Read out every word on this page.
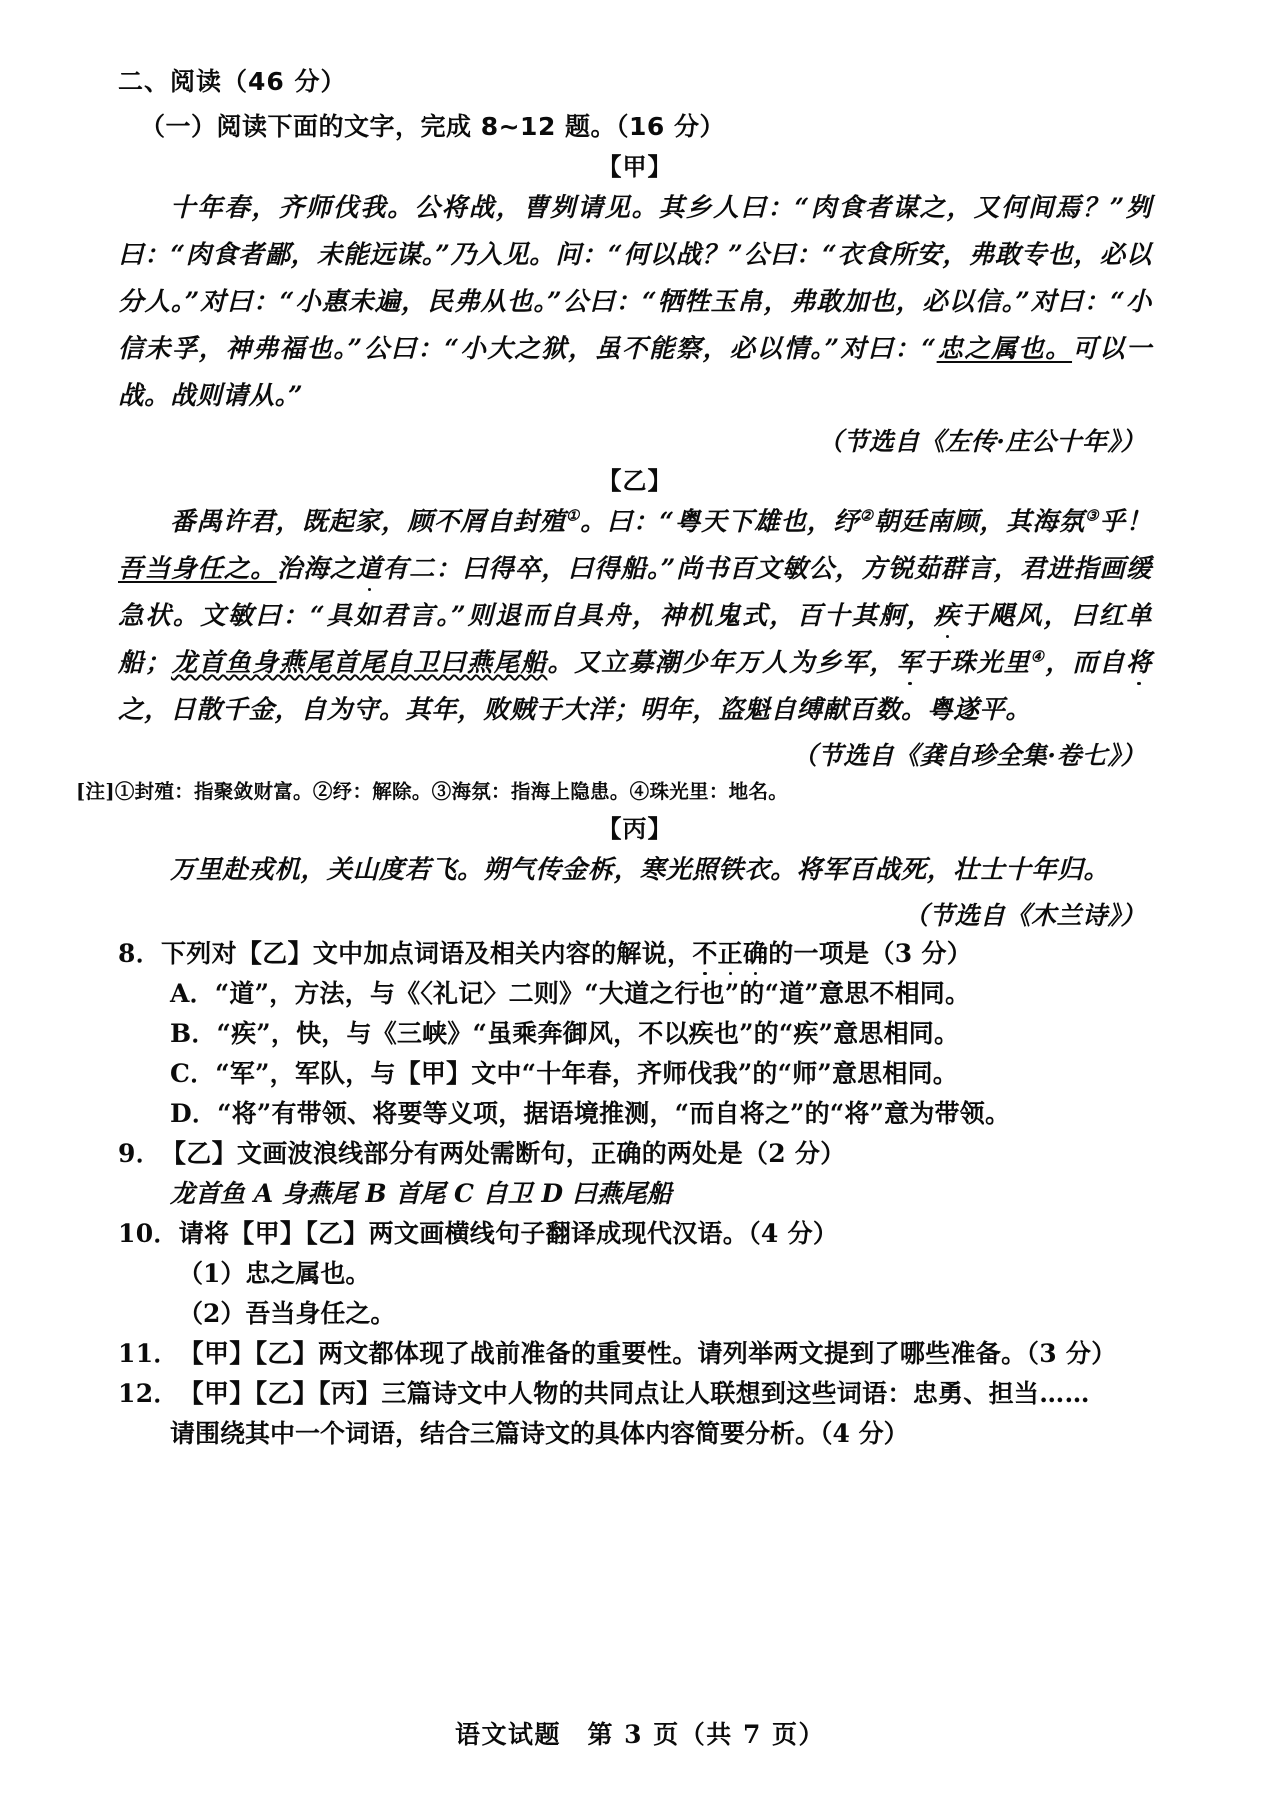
二、阅读（46 分）
（一）阅读下面的文字，完成 8~12 题。（16 分）
【甲】
十年春，齐师伐我。公将战，曹刿请见。其乡人曰：“肉食者谋之，又何间焉？”刿曰：“肉食者鄙，未能远谋。”乃入见。问：“何以战？”公曰：“衣食所安，弗敢专也，必以分人。”对曰：“小惠未遍，民弗从也。”公曰：“牺牲玉帛，弗敢加也，必以信。”对曰：“小信未孚，神弗福也。”公曰：“小大之狱，虽不能察，必以情。”对曰：“忠之属也。可以一战。战则请从。”
（节选自《左传·庄公十年》）
【乙】
番禺许君，既起家，顾不屑自封殖①。曰：“粤天下雄也，纾②朝廷南顾，其海氛③乎！吾当身任之。治海之道有二：曰得卒，曰得船。”尚书百文敏公，方锐茹群言，君进指画缓急状。文敏曰：“具如君言。”则退而自具舟，神机鬼式，百十其舸，疾于飓风，曰红单船；龙首鱼身燕尾首尾自卫曰燕尾船。又立募潮少年万人为乡军，军于珠光里④，而自将之，日散千金，自为守。其年，败贼于大洋；明年，盗魁自缚献百数。粤遂平。
（节选自《龚自珍全集·卷七》）
[注]①封殖：指聚敛财富。②纾：解除。③海氛：指海上隐患。④珠光里：地名。
【丙】
万里赴戎机，关山度若飞。朔气传金柝，寒光照铁衣。将军百战死，壮士十年归。
（节选自《木兰诗》）
8．下列对【乙】文中加点词语及相关内容的解说，不正确的一项是（3 分）
A．“道”，方法，与《〈礼记〉二则》“大道之行也”的“道”意思不相同。
B．“疾”，快，与《三峡》“虽乘奔御风，不以疾也”的“疾”意思相同。
C．“军”，军队，与【甲】文中“十年春，齐师伐我”的“师”意思相同。
D．“将”有带领、将要等义项，据语境推测，“而自将之”的“将”意为带领。
9．【乙】文画波浪线部分有两处需断句，正确的两处是（2 分）
龙首鱼 A 身燕尾 B 首尾 C 自卫 D 曰燕尾船
10．请将【甲】【乙】两文画横线句子翻译成现代汉语。（4 分）
（1）忠之属也。
（2）吾当身任之。
11．【甲】【乙】两文都体现了战前准备的重要性。请列举两文提到了哪些准备。（3 分）
12．【甲】【乙】【丙】三篇诗文中人物的共同点让人联想到这些词语：忠勇、担当……
请围绕其中一个词语，结合三篇诗文的具体内容简要分析。（4 分）
语文试题　第 3 页（共 7 页）
